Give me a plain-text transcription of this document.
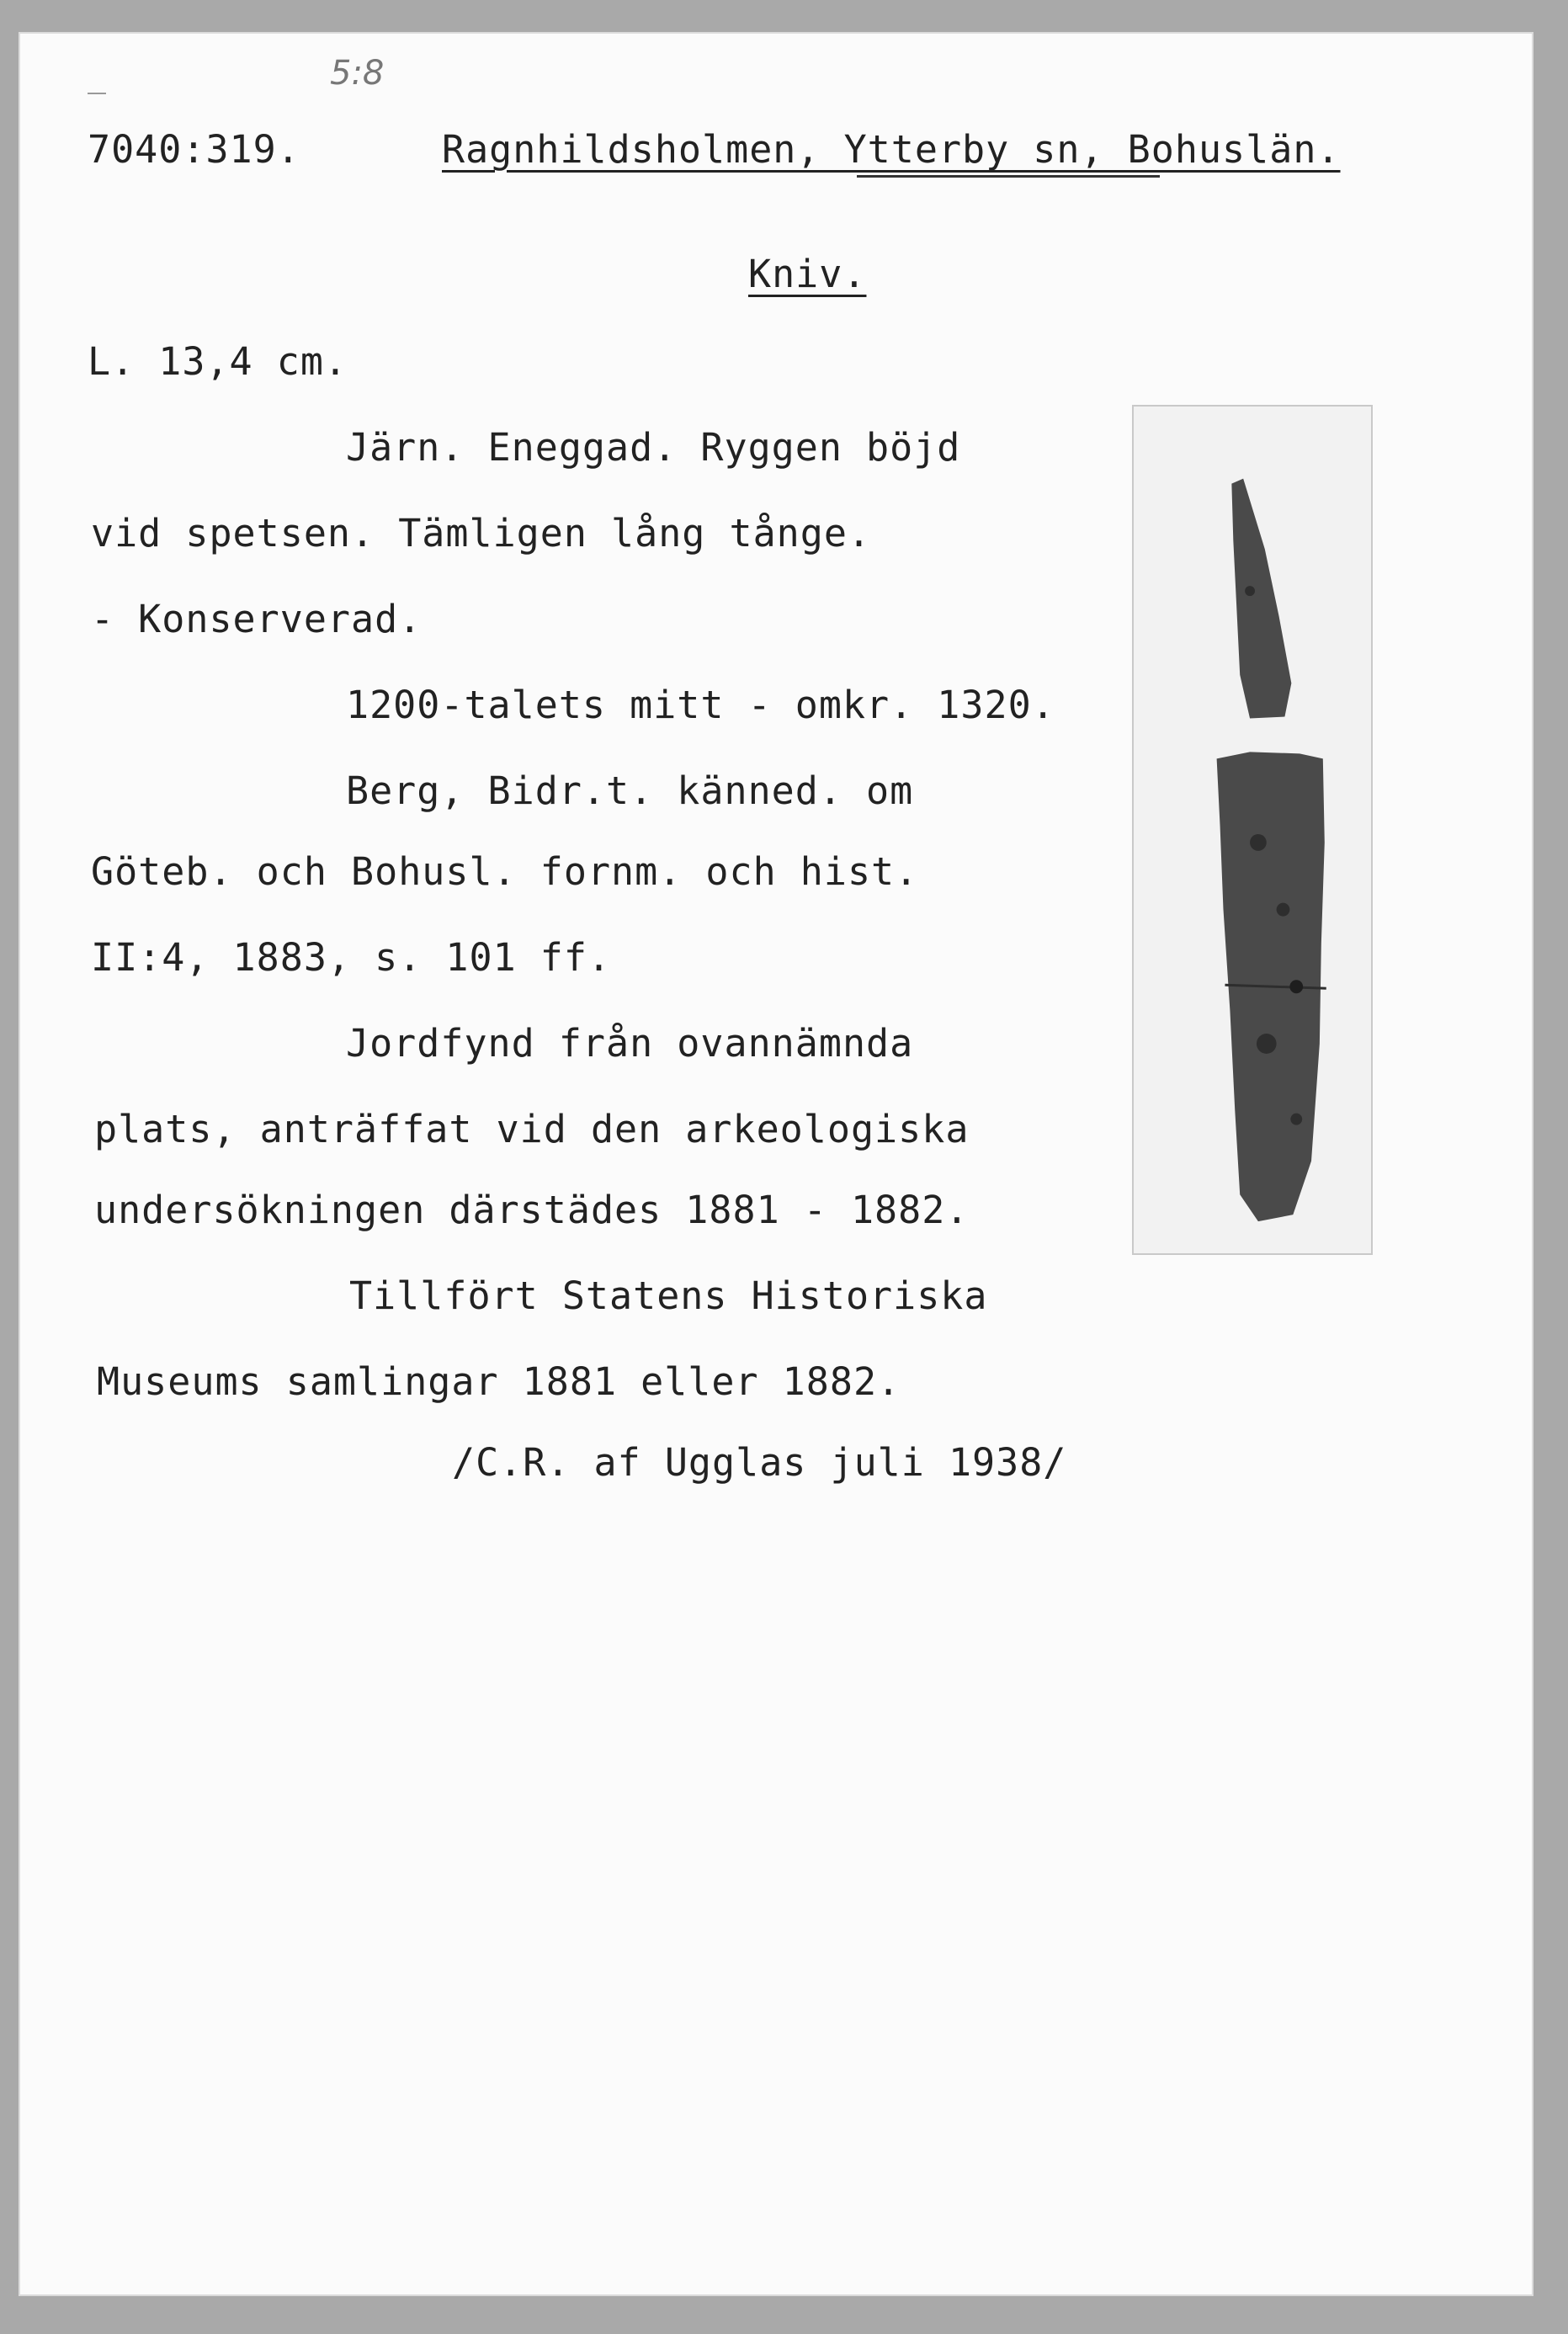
5:8
7040:319.	Ragnhildsholmen, Ytterby sn, Bohuslän.
Kniv.
L. 13,4 cm.
Järn. Eneggad. Ryggen böjd
vid spetsen. Tämligen lång tånge.
- Konserverad.
1200-talets mitt - omkr. 1320.
Berg, Bidr.t. känned. om
Göteb. och Bohusl. fornm. och hist.
II:4, 1883, s. 101 ff.
Jordfynd från ovannämnda
plats, anträffat vid den arkeologiska
undersökningen därstädes 1881 - 1882.
Tillfört Statens Historiska
Museums samlingar 1881 eller 1882.
/C.R. af Ugglas juli 1938/
